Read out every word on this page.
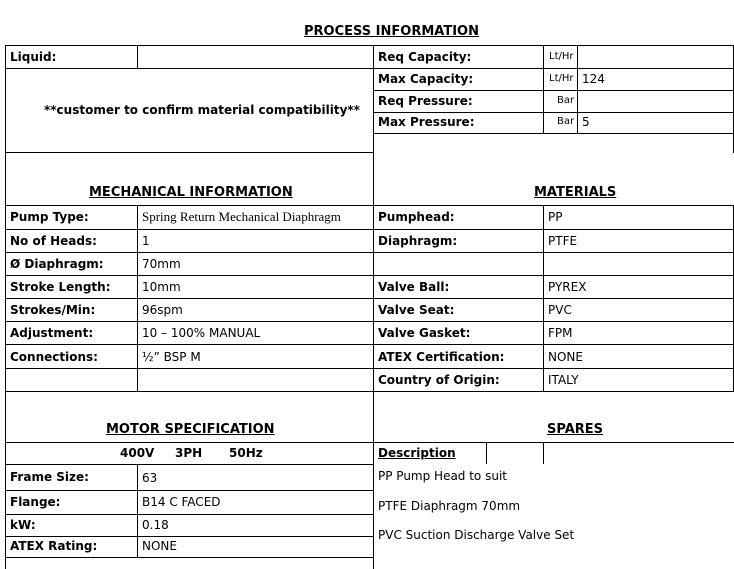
PROCESS INFORMATION
Liquid:
**customer to confirm material compatibility**
Req Capacity:	Lt/Hr
Max Capacity:	Lt/Hr 124
Req Pressure:	Bar
Max Pressure:	Bar 5
MECHANICAL INFORMATION
Pump Type:	Spring Return Mechanical Diaphragm
No of Heads:	1
Ø Diaphragm:	70mm
Stroke Length:	10mm
Strokes/Min:	96spm
Adjustment:	10 – 100% MANUAL
Connections:	½” BSP M
MATERIALS
Pumphead:	PP
Diaphragm:	PTFE
Valve Ball:	PYREX
Valve Seat:	PVC
Valve Gasket:	FPM
ATEX Certification:	NONE
Country of Origin:	ITALY
MOTOR SPECIFICATION
400V 3PH 50Hz
Frame Size:	63
Flange:	B14 C FACED
kW:	0.18
ATEX Rating:	NONE
SPARES
Description
PP Pump Head to suit
PTFE Diaphragm 70mm
PVC Suction Discharge Valve Set
